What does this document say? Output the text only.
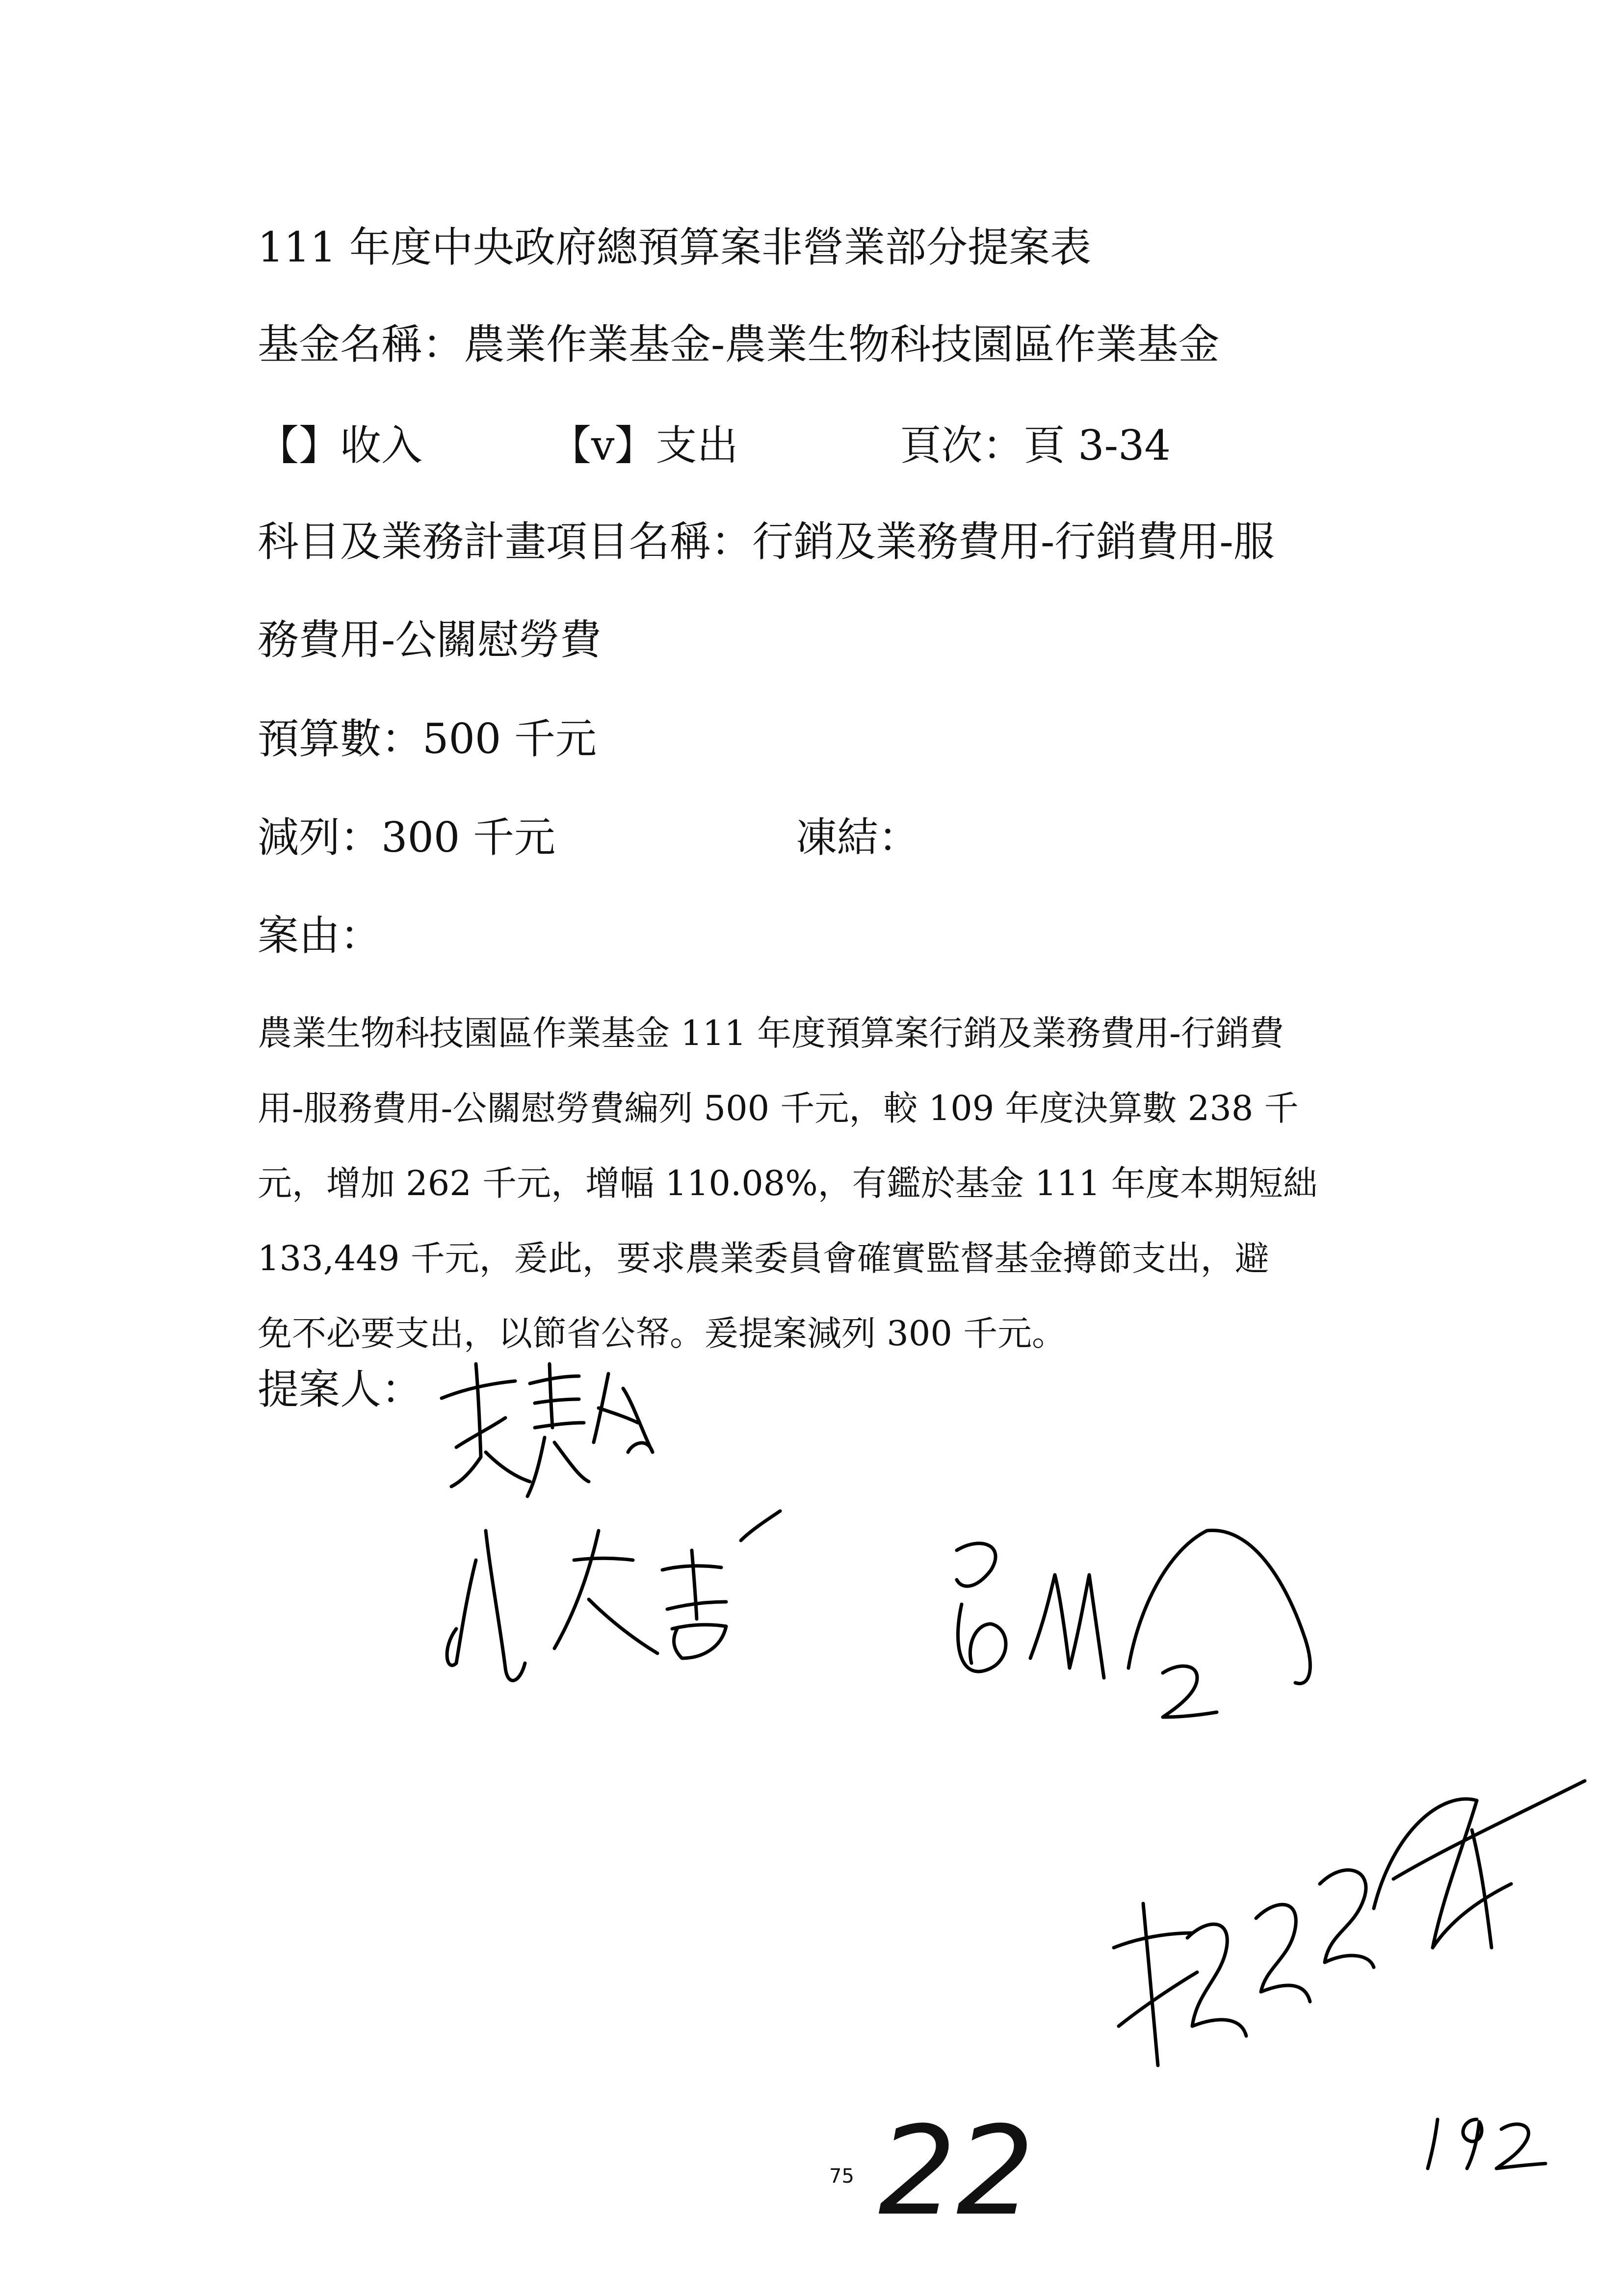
111 年度中央政府總預算案非營業部分提案表
基金名稱：農業作業基金-農業生物科技園區作業基金
【】收入	【v】支出	頁次：頁 3-34
科目及業務計畫項目名稱：行銷及業務費用-行銷費用-服
務費用-公關慰勞費
預算數：500 千元
減列：300 千元	凍結：
案由：

農業生物科技園區作業基金 111 年度預算案行銷及業務費用-行銷費

用-服務費用-公關慰勞費編列 500 千元，較 109 年度決算數 238 千

元，增加 262 千元，增幅 110.08%，有鑑於基金 111 年度本期短絀

133,449 千元，爰此，要求農業委員會確實監督基金撙節支出，避

免不必要支出，以節省公帑。爰提案減列 300 千元。

提案人：
75 22
